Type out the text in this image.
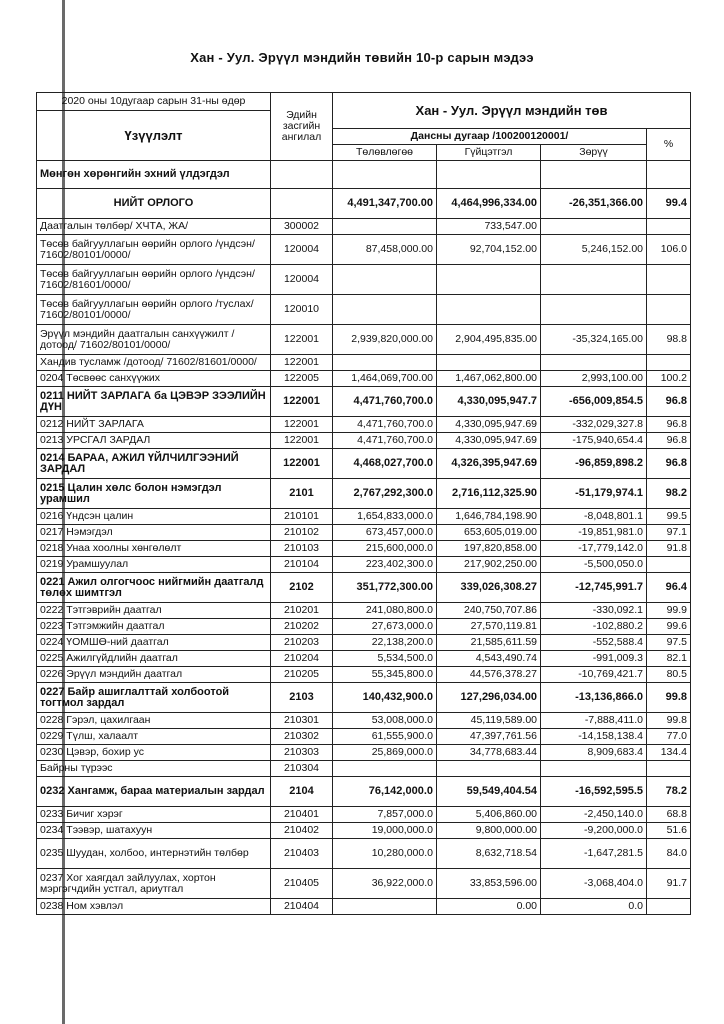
Хан - Уул. Эрүүл мэндийн төвийн 10-р сарын мэдээ
2020 оны 10дугаар сарын 31-ны өдөр	Эдийн засгийн ангилал	Хан - Уул. Эрүүл мэндийн төв			
Үзүүлэлт					
		Дансны дугаар /100200120001/			%
		Төлөвлөгөө	Гүйцэтгэл	Зөрүү	
Мөнгөн хөрөнгийн эхний үлдэгдэл					
НИЙТ ОРЛОГО		4,491,347,700.00	4,464,996,334.00	-26,351,366.00	99.4
Даатгалын төлбөр/ ХЧТА, ЖА/	300002		733,547.00		
Төсөв байгууллагын өөрийн орлого /үндсэн/ 71602/80101/0000/	120004	87,458,000.00	92,704,152.00	5,246,152.00	106.0
Төсөв байгууллагын өөрийн орлого /үндсэн/ 71602/81601/0000/	120004				
Төсөв байгууллагын өөрийн орлого /туслах/ 71602/80101/0000/	120010				
Эрүүл мэндийн даатгалын санхүүжилт /дотоод/ 71602/80101/0000/	122001	2,939,820,000.00	2,904,495,835.00	-35,324,165.00	98.8
Хандив тусламж /дотоод/ 71602/81601/0000/	122001				
0204 Төсвөөс санхүүжих	122005	1,464,069,700.00	1,467,062,800.00	2,993,100.00	100.2
0211 НИЙТ ЗАРЛАГА ба ЦЭВЭР ЗЭЭЛИЙН ДҮН	122001	4,471,760,700.0	4,330,095,947.7	-656,009,854.5	96.8
0212 НИЙТ ЗАРЛАГА	122001	4,471,760,700.0	4,330,095,947.69	-332,029,327.8	96.8
0213 УРСГАЛ ЗАРДАЛ	122001	4,471,760,700.0	4,330,095,947.69	-175,940,654.4	96.8
0214 БАРАА, АЖИЛ ҮЙЛЧИЛГЭЭНИЙ ЗАРДАЛ	122001	4,468,027,700.0	4,326,395,947.69	-96,859,898.2	96.8
0215 Цалин хөлс болон нэмэгдэл урамшил	2101	2,767,292,300.0	2,716,112,325.90	-51,179,974.1	98.2
0216 Үндсэн цалин	210101	1,654,833,000.0	1,646,784,198.90	-8,048,801.1	99.5
0217 Нэмэгдэл	210102	673,457,000.0	653,605,019.00	-19,851,981.0	97.1
0218 Унаа хоолны хөнгөлөлт	210103	215,600,000.0	197,820,858.00	-17,779,142.0	91.8
0219 Урамшуулал	210104	223,402,300.0	217,902,250.00	-5,500,050.0	
0221 Ажил олгогчоос нийгмийн даатгалд төлөх шимтгэл	2102	351,772,300.00	339,026,308.27	-12,745,991.7	96.4
0222 Тэтгэврийн даатгал	210201	241,080,800.0	240,750,707.86	-330,092.1	99.9
0223 Тэтгэмжийн даатгал	210202	27,673,000.0	27,570,119.81	-102,880.2	99.6
0224 ҮОМШӨ-ний даатгал	210203	22,138,200.0	21,585,611.59	-552,588.4	97.5
0225 Ажилгүйдлийн даатгал	210204	5,534,500.0	4,543,490.74	-991,009.3	82.1
0226 Эрүүл мэндийн даатгал	210205	55,345,800.0	44,576,378.27	-10,769,421.7	80.5
0227 Байр ашиглалттай холбоотой тогтмол зардал	2103	140,432,900.0	127,296,034.00	-13,136,866.0	99.8
0228 Гэрэл, цахилгаан	210301	53,008,000.0	45,119,589.00	-7,888,411.0	99.8
0229 Түлш, халаалт	210302	61,555,900.0	47,397,761.56	-14,158,138.4	77.0
0230 Цэвэр, бохир ус	210303	25,869,000.0	34,778,683.44	8,909,683.4	134.4
Байрны түрээс	210304				
0232 Хангамж, бараа материалын зардал	2104	76,142,000.0	59,549,404.54	-16,592,595.5	78.2
0233 Бичиг хэрэг	210401	7,857,000.0	5,406,860.00	-2,450,140.0	68.8
0234 Тээвэр, шатахуун	210402	19,000,000.0	9,800,000.00	-9,200,000.0	51.6
0235 Шуудан, холбоо, интернэтийн төлбөр	210403	10,280,000.0	8,632,718.54	-1,647,281.5	84.0
0237 Хог хаягдал зайлуулах, хортон мэргэгчдийн устгал, ариутгал	210405	36,922,000.0	33,853,596.00	-3,068,404.0	91.7
0238 Ном хэвлэл	210404		0.00	0.0	
